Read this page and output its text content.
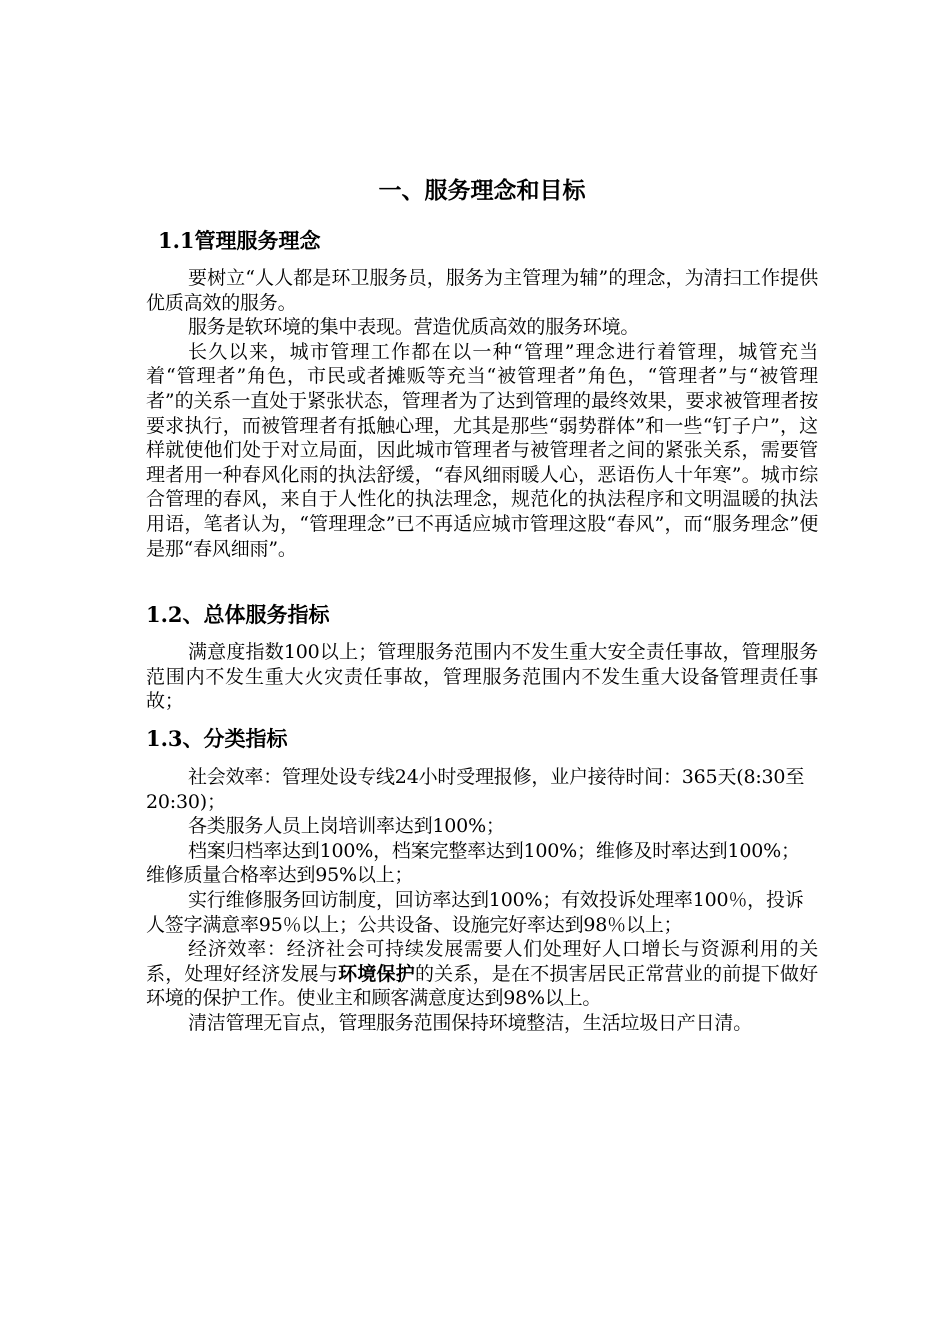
一、服务理念和目标
1.1管理服务理念

要树立“人人都是环卫服务员，服务为主管理为辅”的理念，为清扫工作提供优质高效的服务。

服务是软环境的集中表现。营造优质高效的服务环境。

长久以来，城市管理工作都在以一种“管理”理念进行着管理，城管充当着“管理者”角色，市民或者摊贩等充当“被管理者”角色，“管理者”与“被管理者”的关系一直处于紧张状态，管理者为了达到管理的最终效果，要求被管理者按要求执行，而被管理者有抵触心理，尤其是那些“弱势群体”和一些“钉子户”，这样就使他们处于对立局面，因此城市管理者与被管理者之间的紧张关系，需要管理者用一种春风化雨的执法舒缓，“春风细雨暖人心，恶语伤人十年寒”。城市综合管理的春风，来自于人性化的执法理念，规范化的执法程序和文明温暖的执法用语，笔者认为，“管理理念”已不再适应城市管理这股“春风”，而“服务理念”便是那“春风细雨”。

1.2、总体服务指标

满意度指数100以上；管理服务范围内不发生重大安全责任事故，管理服务范围内不发生重大火灾责任事故，管理服务范围内不发生重大设备管理责任事故；

1.3、分类指标

社会效率：管理处设专线24小时受理报修，业户接待时间：365天(8:30至20:30)；

各类服务人员上岗培训率达到100%；

档案归档率达到100%，档案完整率达到100%；维修及时率达到100%；维修质量合格率达到95%以上；

实行维修服务回访制度，回访率达到100%；有效投诉处理率100％，投诉人签字满意率95％以上；公共设备、设施完好率达到98％以上；

经济效率：经济社会可持续发展需要人们处理好人口增长与资源利用的关系，处理好经济发展与环境保护的关系，是在不损害居民正常营业的前提下做好环境的保护工作。使业主和顾客满意度达到98%以上。

清洁管理无盲点，管理服务范围保持环境整洁，生活垃圾日产日清。
